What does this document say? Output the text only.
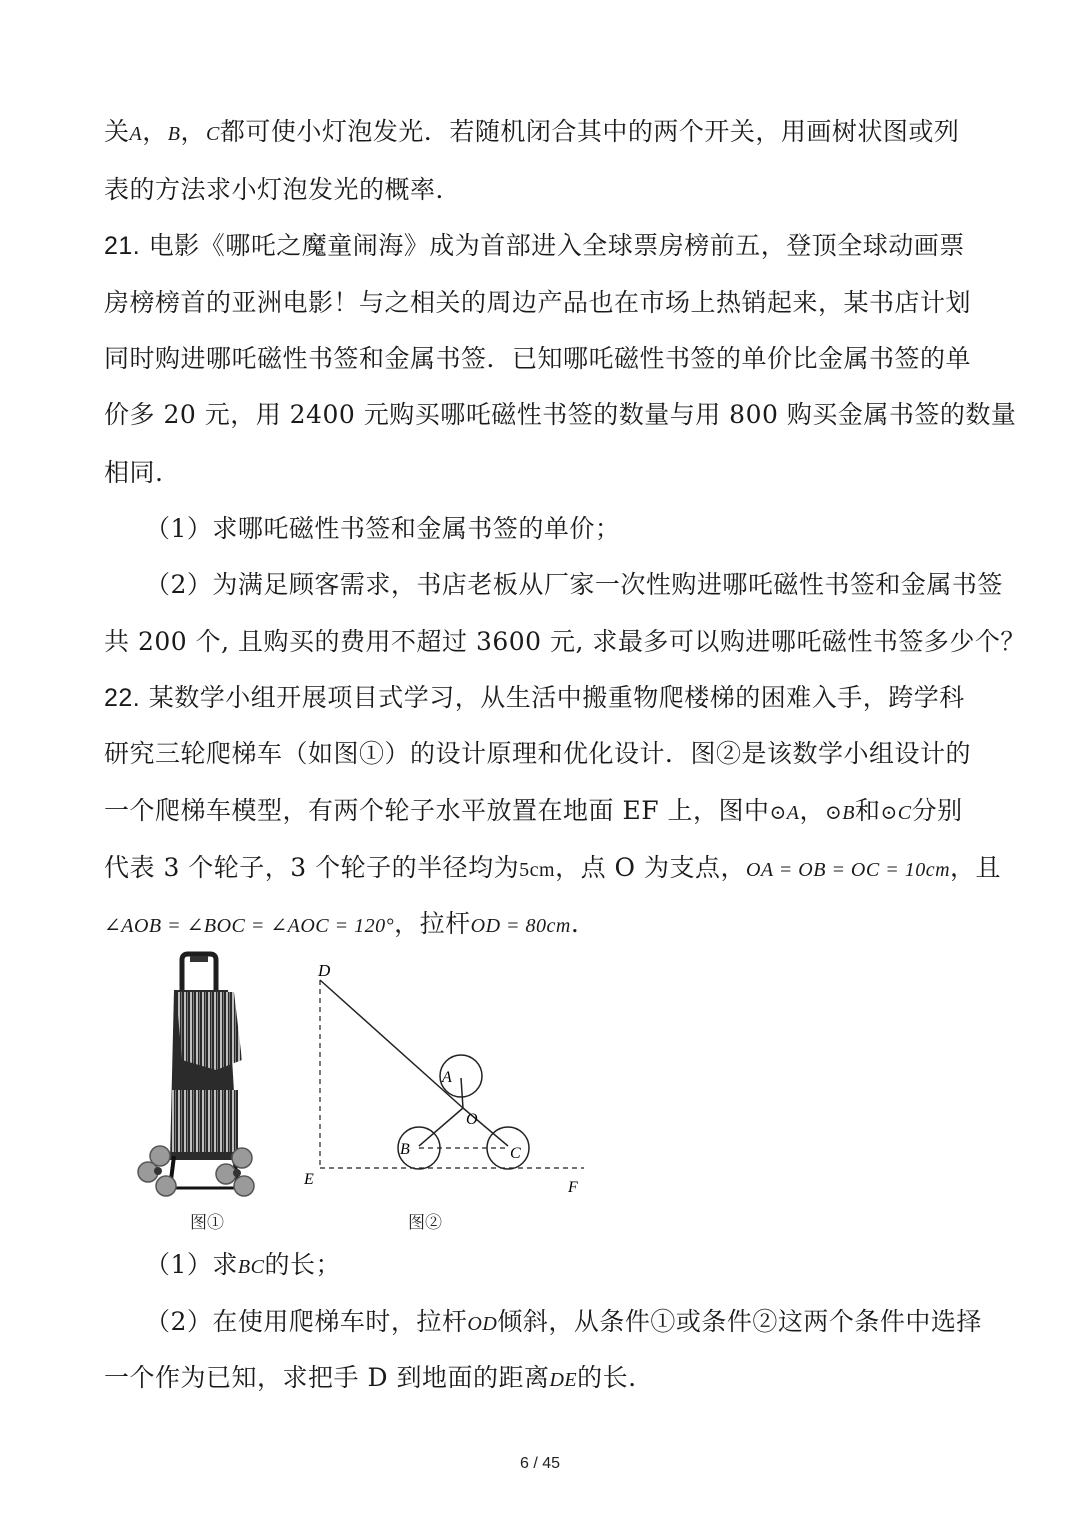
关A，B，C都可使小灯泡发光．若随机闭合其中的两个开关，用画树状图或列
表的方法求小灯泡发光的概率．
21. 电影《哪吒之魔童闹海》成为首部进入全球票房榜前五，登顶全球动画票
房榜榜首的亚洲电影！与之相关的周边产品也在市场上热销起来，某书店计划
同时购进哪吒磁性书签和金属书签．已知哪吒磁性书签的单价比金属书签的单
价多 20 元，用 2400 元购买哪吒磁性书签的数量与用 800 购买金属书签的数量
相同.
（1）求哪吒磁性书签和金属书签的单价；
（2）为满足顾客需求，书店老板从厂家一次性购进哪吒磁性书签和金属书签
共 200 个, 且购买的费用不超过 3600 元, 求最多可以购进哪吒磁性书签多少个？
22. 某数学小组开展项目式学习，从生活中搬重物爬楼梯的困难入手，跨学科
研究三轮爬梯车（如图①）的设计原理和优化设计．图②是该数学小组设计的
一个爬梯车模型，有两个轮子水平放置在地面 EF 上，图中⊙A，⊙B和⊙C分别
代表 3 个轮子，3 个轮子的半径均为5cm，点 O 为支点，OA = OB = OC = 10cm，且
∠AOB = ∠BOC = ∠AOC = 120°，拉杆OD = 80cm.
图①
D
A
O
B	C
E	F
图②
（1）求BC的长；
（2）在使用爬梯车时，拉杆OD倾斜，从条件①或条件②这两个条件中选择
一个作为已知，求把手 D 到地面的距离DE的长.
6 / 45
